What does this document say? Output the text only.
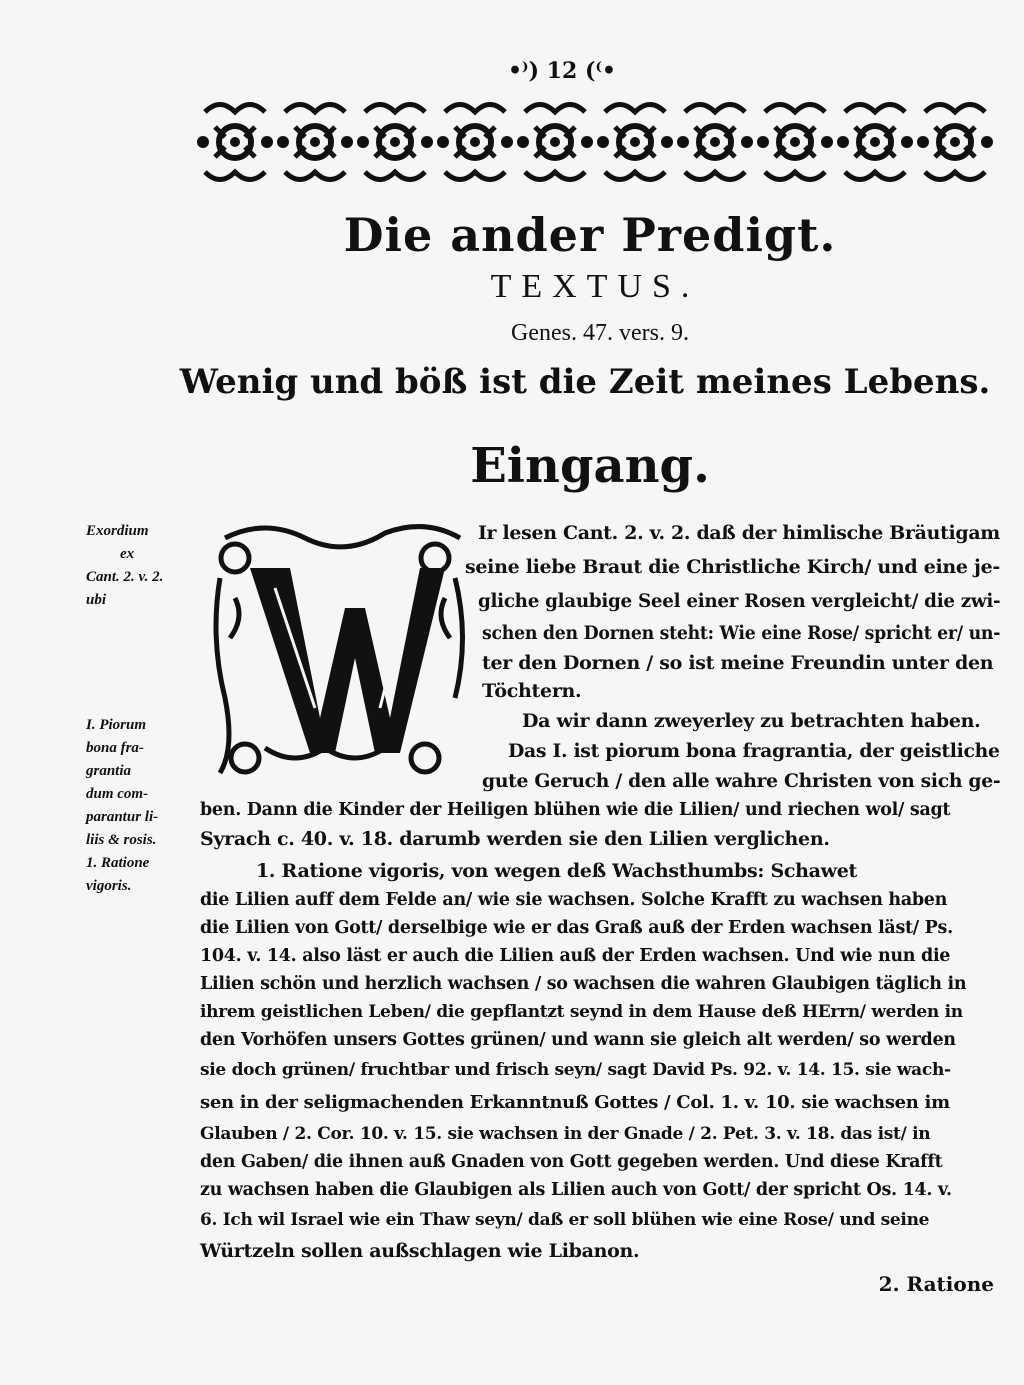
•⁾) 12 (⁽•
Die ander Predigt.
TEXTUS.
Genes. 47. vers. 9.
Wenig und böß ist die Zeit meines Lebens.
Eingang.
Exordium
ex
Cant. 2. v. 2.
ubi
I. Piorum
bona fra-
grantia
dum com-
parantur li-
liis & rosis.
1. Ratione
vigoris.
Ir lesen Cant. 2. v. 2. daß der himlische Bräutigam
seine liebe Braut die Christliche Kirch/ und eine je-
gliche glaubige Seel einer Rosen vergleicht/ die zwi-
schen den Dornen steht: Wie eine Rose/ spricht er/ un-
ter den Dornen / so ist meine Freundin unter den
Töchtern.
Da wir dann zweyerley zu betrachten haben.
Das I. ist piorum bona fragrantia, der geistliche
gute Geruch / den alle wahre Christen von sich ge-
ben. Dann die Kinder der Heiligen blühen wie die Lilien/ und riechen wol/ sagt
Syrach c. 40. v. 18. darumb werden sie den Lilien verglichen.
1. Ratione vigoris, von wegen deß Wachsthumbs: Schawet
die Lilien auff dem Felde an/ wie sie wachsen. Solche Krafft zu wachsen haben
die Lilien von Gott/ derselbige wie er das Graß auß der Erden wachsen läst/ Ps.
104. v. 14. also läst er auch die Lilien auß der Erden wachsen. Und wie nun die
Lilien schön und herzlich wachsen / so wachsen die wahren Glaubigen täglich in
ihrem geistlichen Leben/ die gepflantzt seynd in dem Hause deß HErrn/ werden in
den Vorhöfen unsers Gottes grünen/ und wann sie gleich alt werden/ so werden
sie doch grünen/ fruchtbar und frisch seyn/ sagt David Ps. 92. v. 14. 15. sie wach-
sen in der seligmachenden Erkanntnuß Gottes / Col. 1. v. 10. sie wachsen im
Glauben / 2. Cor. 10. v. 15. sie wachsen in der Gnade / 2. Pet. 3. v. 18. das ist/ in
den Gaben/ die ihnen auß Gnaden von Gott gegeben werden. Und diese Krafft
zu wachsen haben die Glaubigen als Lilien auch von Gott/ der spricht Os. 14. v.
6. Ich wil Israel wie ein Thaw seyn/ daß er soll blühen wie eine Rose/ und seine
Würtzeln sollen außschlagen wie Libanon.
2. Ratione
